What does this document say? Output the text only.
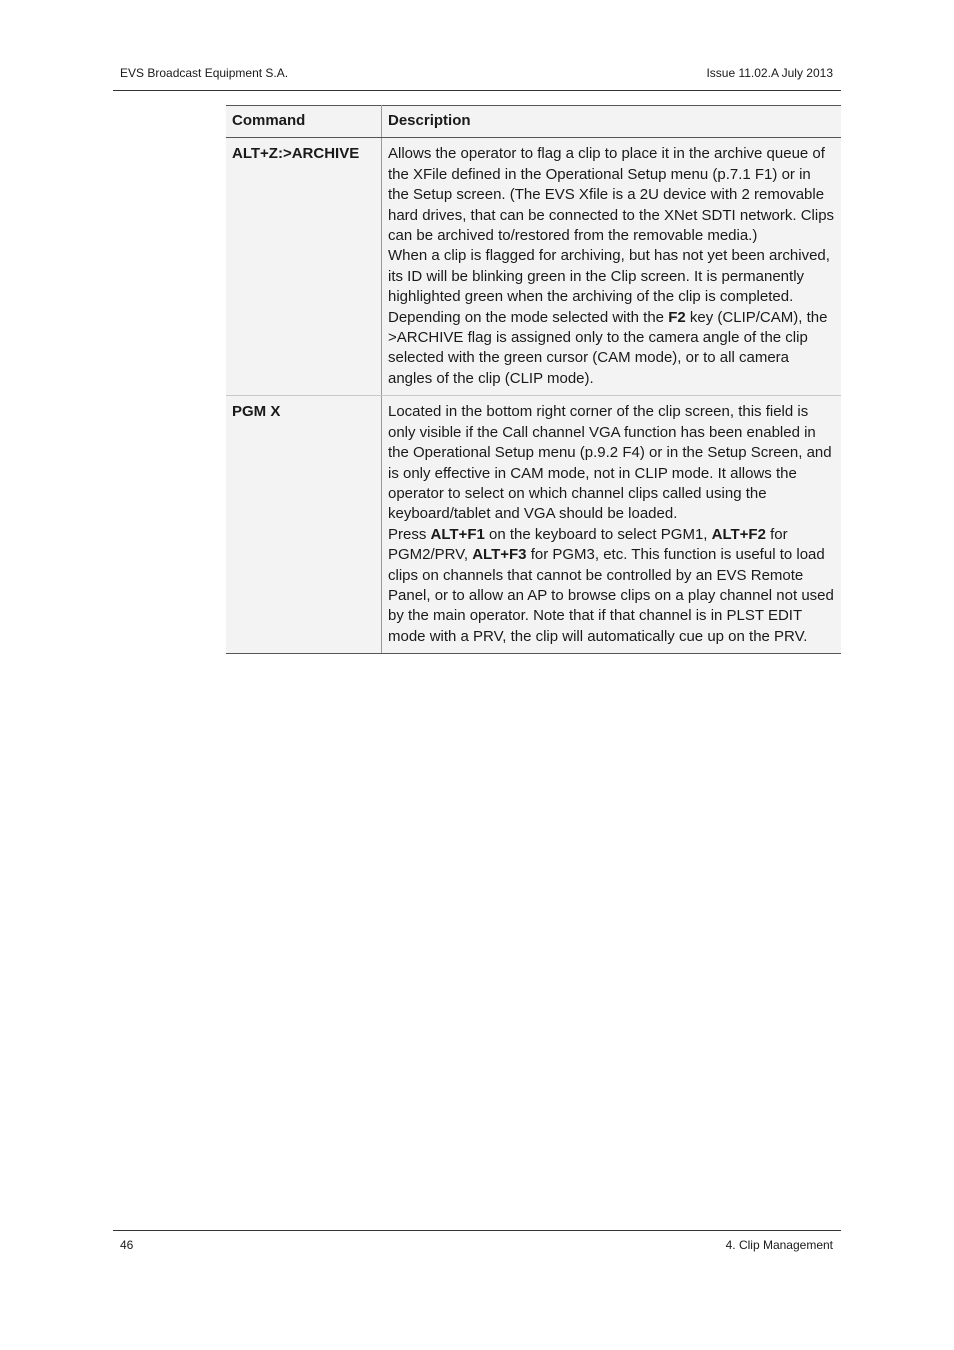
EVS Broadcast Equipment S.A.	Issue 11.02.A July 2013
Command	Description
ALT+Z:>ARCHIVE	Allows the operator to flag a clip to place it in the archive queue of the XFile defined in the Operational Setup menu (p.7.1 F1) or in the Setup screen. (The EVS Xfile is a 2U device with 2 removable hard drives, that can be connected to the XNet SDTI network. Clips can be archived to/restored from the removable media.)
When a clip is flagged for archiving, but has not yet been archived, its ID will be blinking green in the Clip screen. It is permanently highlighted green when the archiving of the clip is completed.
Depending on the mode selected with the F2 key (CLIP/CAM), the >ARCHIVE flag is assigned only to the camera angle of the clip selected with the green cursor (CAM mode), or to all camera angles of the clip (CLIP mode).

PGM X	Located in the bottom right corner of the clip screen, this field is only visible if the Call channel VGA function has been enabled in the Operational Setup menu (p.9.2 F4) or in the Setup Screen, and is only effective in CAM mode, not in CLIP mode. It allows the operator to select on which channel clips called using the keyboard/tablet and VGA should be loaded.
Press ALT+F1 on the keyboard to select PGM1, ALT+F2 for PGM2/PRV, ALT+F3 for PGM3, etc. This function is useful to load clips on channels that cannot be controlled by an EVS Remote Panel, or to allow an AP to browse clips on a play channel not used by the main operator. Note that if that channel is in PLST EDIT mode with a PRV, the clip will automatically cue up on the PRV.
46	4. Clip Management
